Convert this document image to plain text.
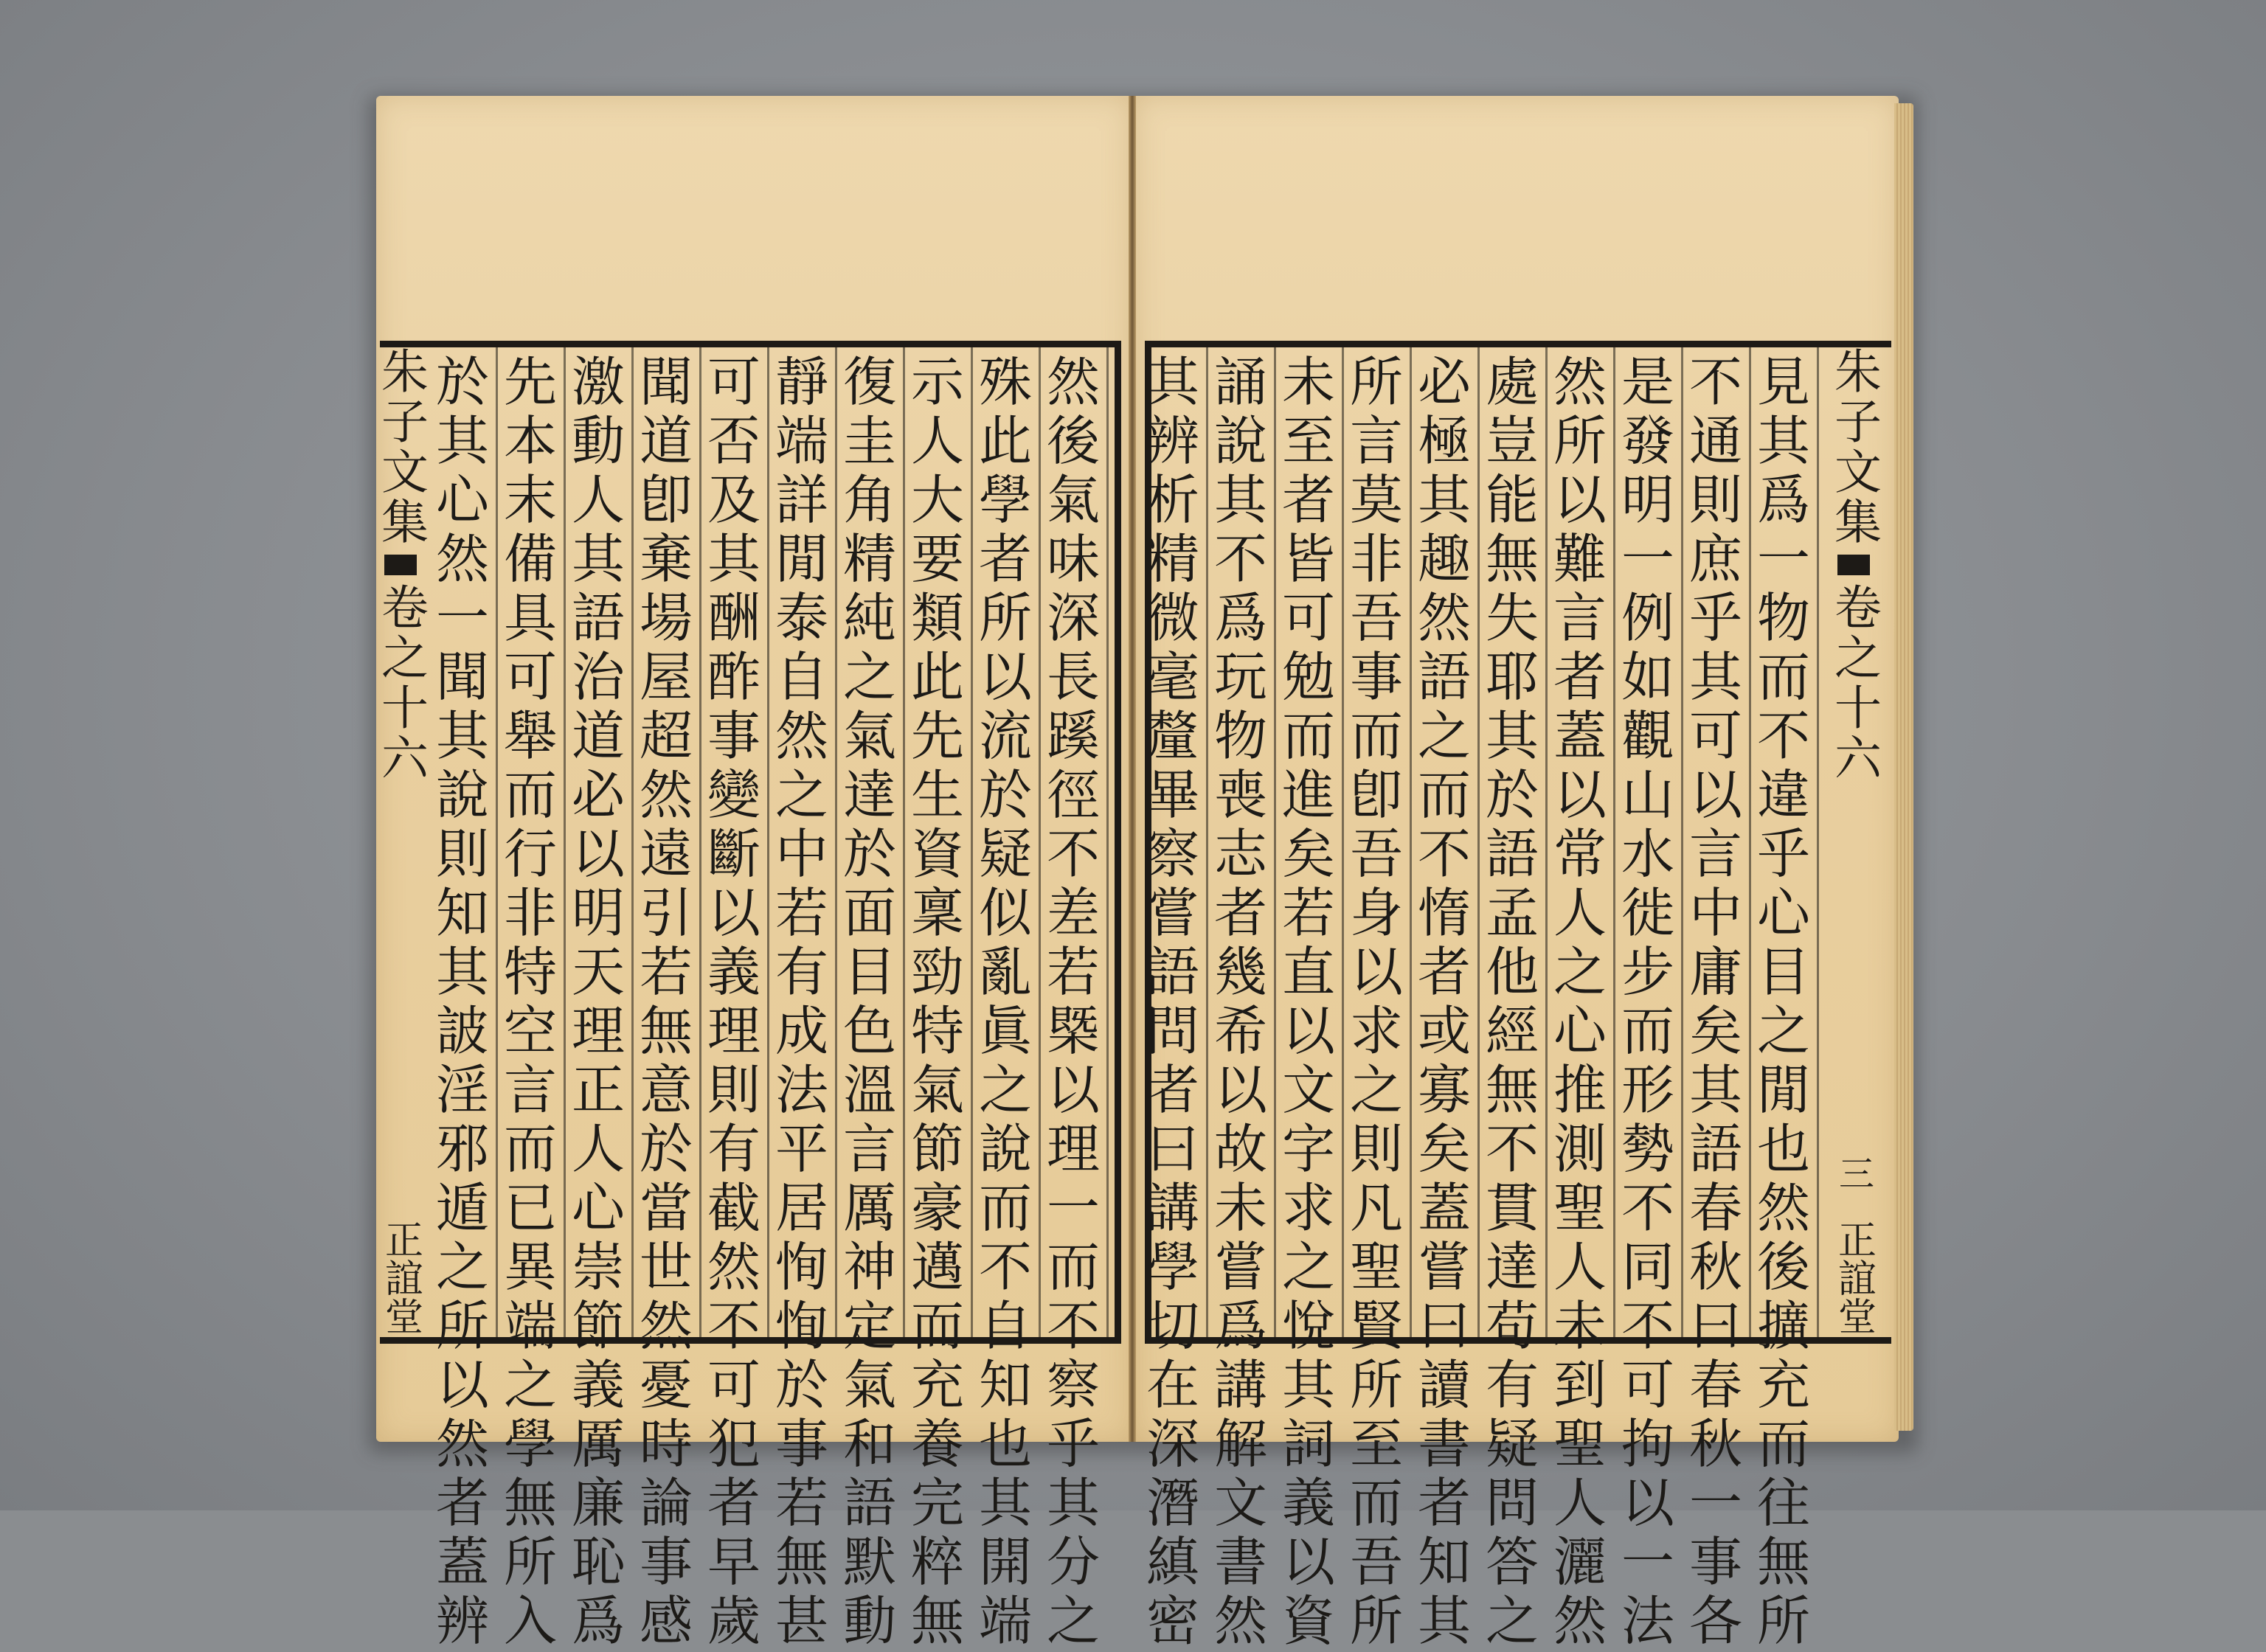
朱子文集
卷之十六
三
正誼堂
朱子文集
卷之十六
正誼堂
見
其
爲
一
物
而
不
違
乎
心
目
之
閒
也
然
後
擴
充
而
往
無
所
不
通
則
庶
乎
其
可
以
言
中
庸
矣
其
語
春
秋
曰
春
秋
一
事
各
是
發
明
一
例
如
觀
山
水
徙
步
而
形
勢
不
同
不
可
拘
以
一
法
然
所
以
難
言
者
蓋
以
常
人
之
心
推
測
聖
人
未
到
聖
人
灑
然
處
豈
能
無
失
耶
其
於
語
孟
他
經
無
不
貫
達
苟
有
疑
問
答
之
必
極
其
趣
然
語
之
而
不
惰
者
或
寡
矣
蓋
嘗
曰
讀
書
者
知
其
所
言
莫
非
吾
事
而
卽
吾
身
以
求
之
則
凡
聖
賢
所
至
而
吾
所
未
至
者
皆
可
勉
而
進
矣
若
直
以
文
字
求
之
悅
其
詞
義
以
資
誦
說
其
不
爲
玩
物
喪
志
者
幾
希
以
故
未
嘗
爲
講
解
文
書
然
其
辨
析
精
微
毫
釐
畢
察
嘗
語
問
者
曰
講
學
切
在
深
潛
縝
密
然
後
氣
味
深
長
蹊
徑
不
差
若
槩
以
理
一
而
不
察
乎
其
分
之
殊
此
學
者
所
以
流
於
疑
似
亂
眞
之
說
而
不
自
知
也
其
開
端
示
人
大
要
類
此
先
生
資
稟
勁
特
氣
節
豪
邁
而
充
養
完
粹
無
復
圭
角
精
純
之
氣
達
於
面
目
色
溫
言
厲
神
定
氣
和
語
默
動
靜
端
詳
閒
泰
自
然
之
中
若
有
成
法
平
居
恂
恂
於
事
若
無
甚
可
否
及
其
酬
酢
事
變
斷
以
義
理
則
有
截
然
不
可
犯
者
早
歲
聞
道
卽
棄
場
屋
超
然
遠
引
若
無
意
於
當
世
然
憂
時
論
事
感
激
動
人
其
語
治
道
必
以
明
天
理
正
人
心
崇
節
義
厲
廉
恥
爲
先
本
末
備
具
可
舉
而
行
非
特
空
言
而
已
異
端
之
學
無
所
入
於
其
心
然
一
聞
其
說
則
知
其
詖
淫
邪
遁
之
所
以
然
者
蓋
辨
